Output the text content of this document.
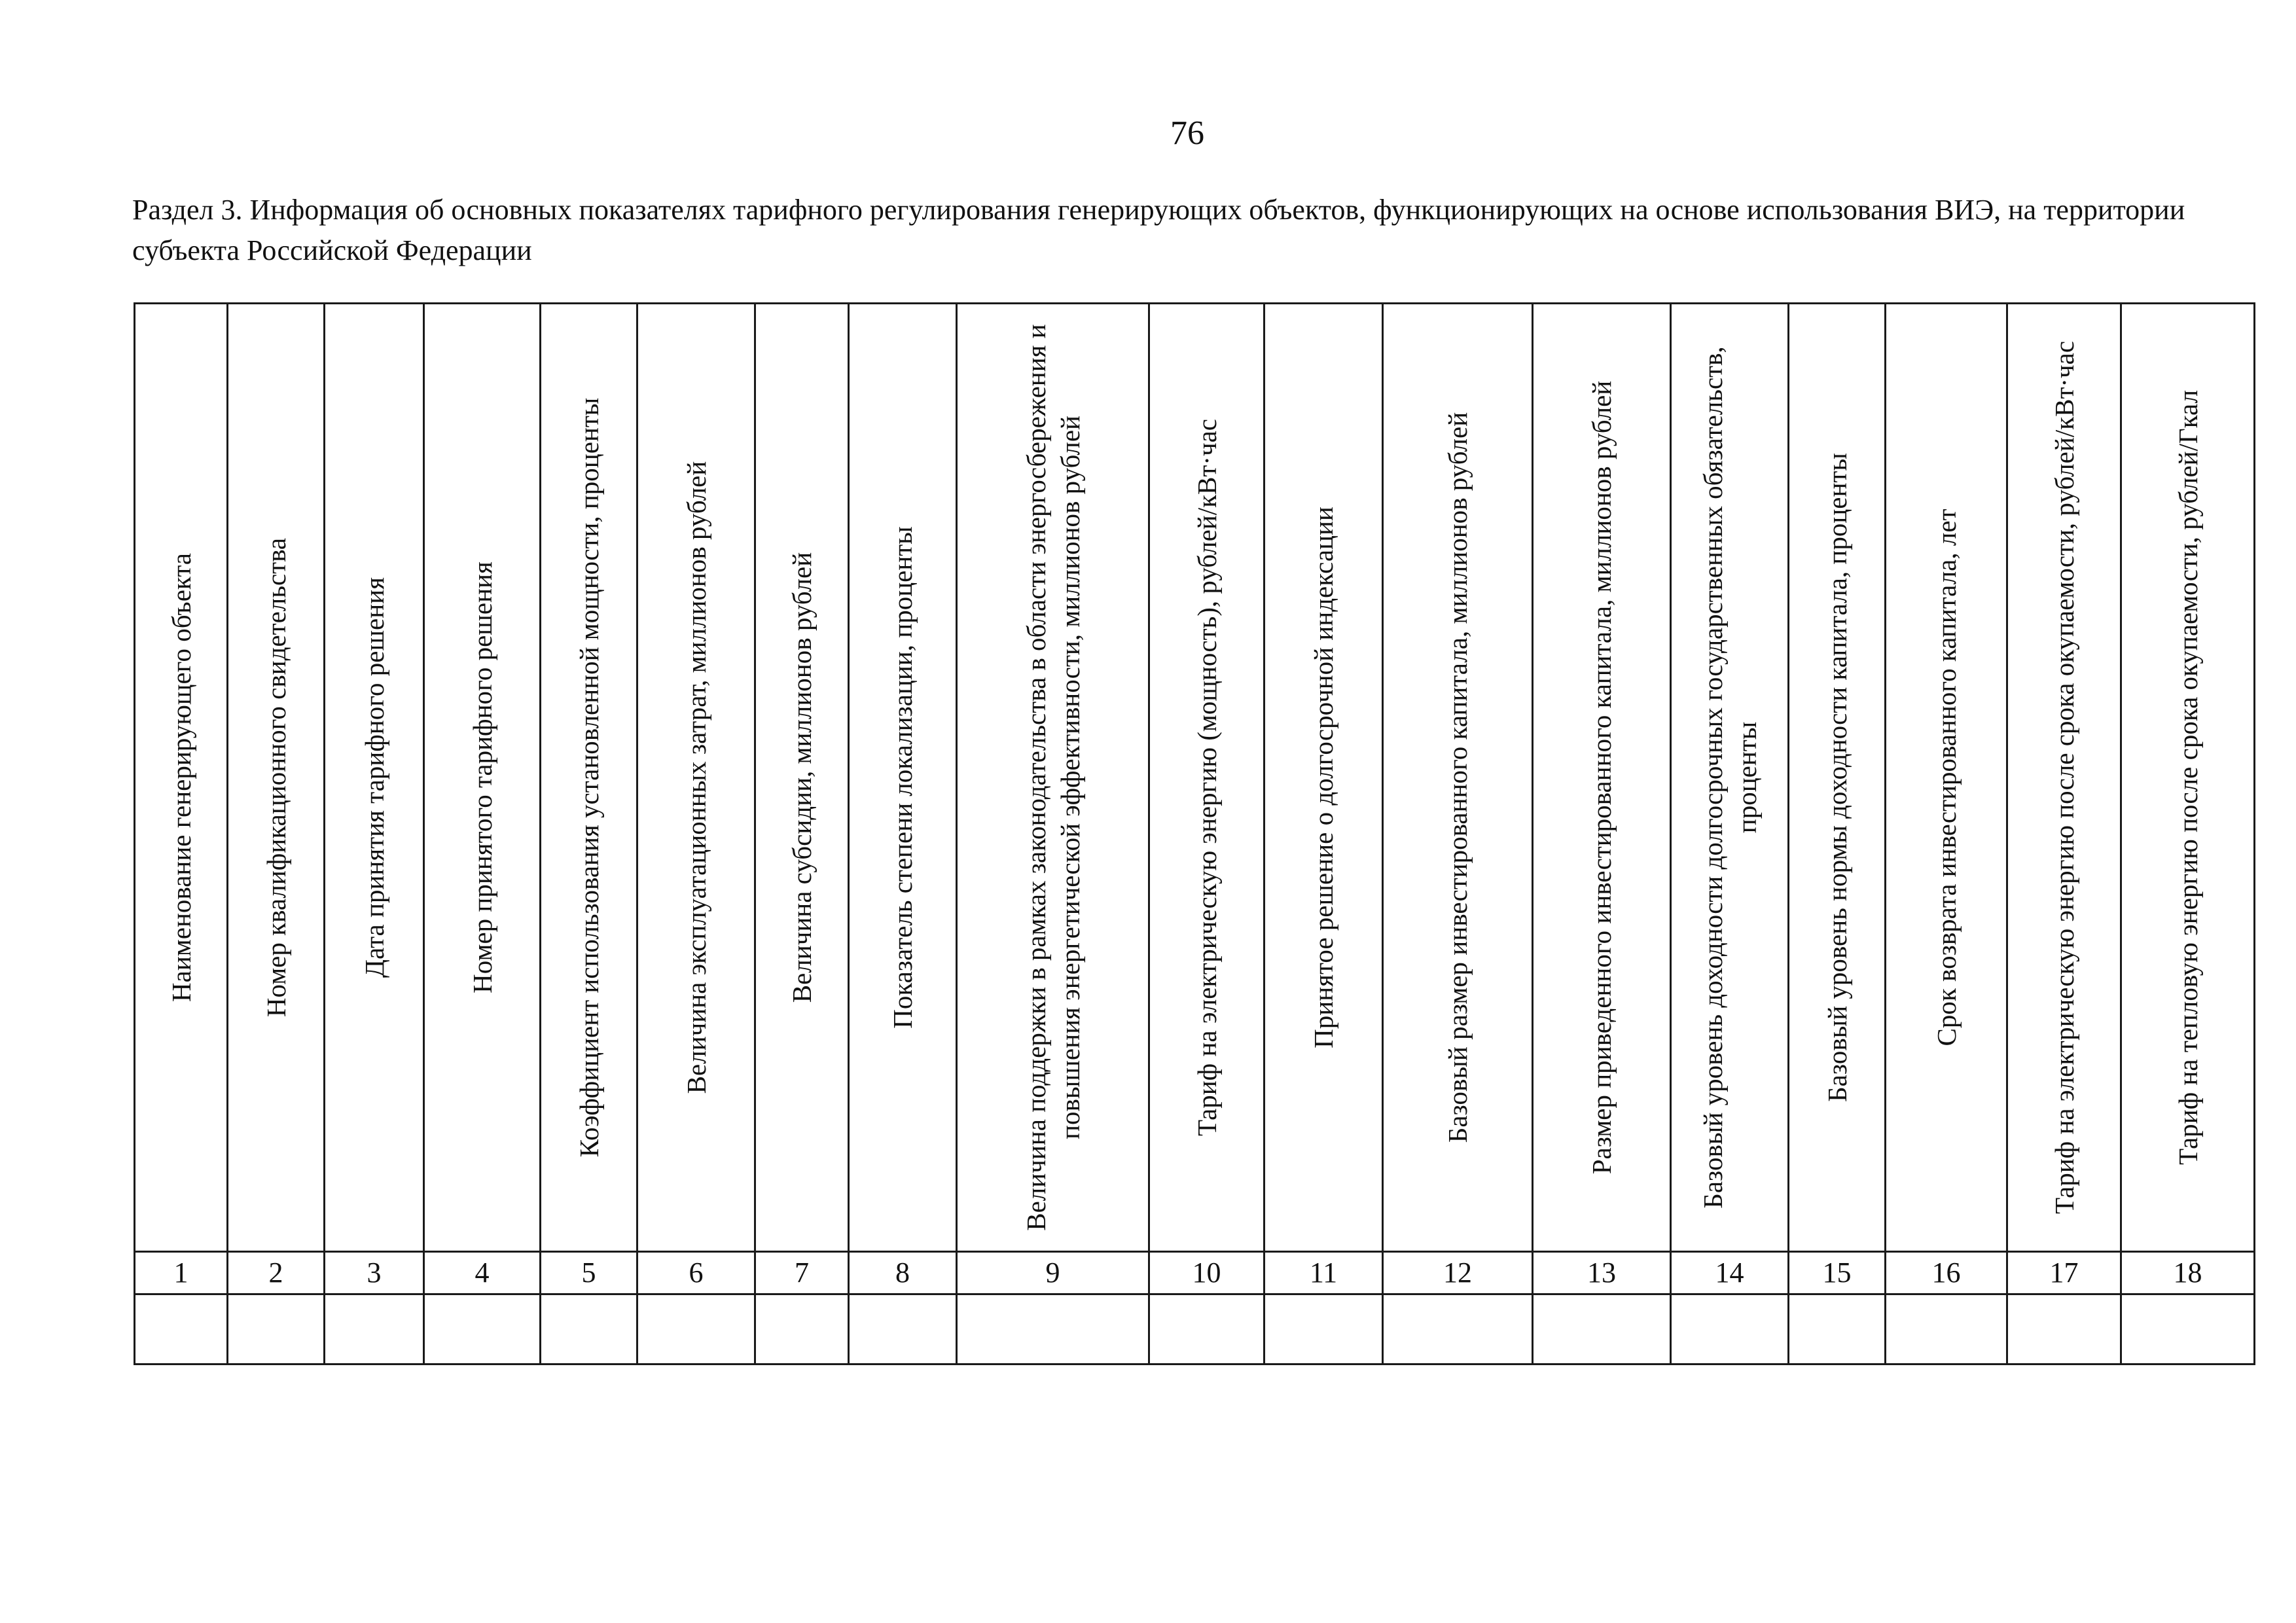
76
Раздел 3. Информация об основных показателях тарифного регулирования генерирующих объектов, функционирующих на основе использования ВИЭ, на территории субъекта Российской Федерации
Наименование генерирующего объекта	Номер квалификационного свидетельства	Дата принятия тарифного решения	Номер принятого тарифного решения	Коэффициент использования установленной мощности, проценты	Величина эксплуатационных затрат, миллионов рублей	Величина субсидии, миллионов рублей	Показатель степени локализации, проценты	Величина поддержки в рамках законодательства в области энергосбережения и повышения энергетической эффективности, миллионов рублей	Тариф на электрическую энергию (мощность), рублей/кВт·час	Принятое решение о долгосрочной индексации	Базовый размер инвестированного капитала, миллионов рублей	Размер приведенного инвестированного капитала, миллионов рублей	Базовый уровень доходности долгосрочных государственных обязательств, проценты	Базовый уровень нормы доходности капитала, проценты	Срок возврата инвестированного капитала, лет	Тариф на электрическую энергию после срока окупаемости, рублей/кВт·час	Тариф на тепловую энергию после срока окупаемости, рублей/Гкал

1	2	3	4	5	6	7	8	9	10	11	12	13	14	15	16	17	18
